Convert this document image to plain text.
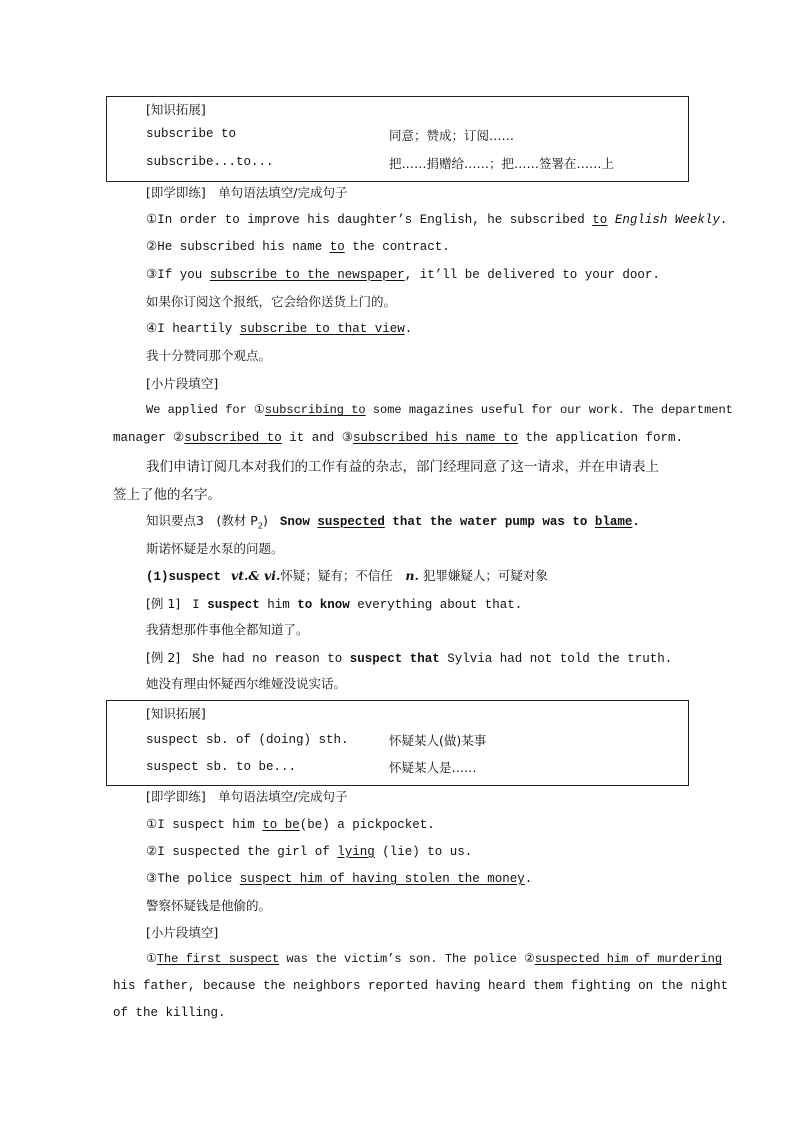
[知识拓展]
subscribe to	同意；赞成；订阅……
subscribe...to...	把……捐赠给……；把……签署在……上
[即学即练]　单句语法填空/完成句子
①In order to improve his daughter’s English, he subscribed to English Weekly.
②He subscribed his name to the contract.
③If you subscribe to the newspaper, it’ll be delivered to your door.
如果你订阅这个报纸，它会给你送货上门的。
④I heartily subscribe to that view.
我十分赞同那个观点。
[小片段填空]
We applied for ①subscribing to some magazines useful for our work. The department
manager ②subscribed to it and ③subscribed his name to the application form.
我们申请订阅几本对我们的工作有益的杂志，部门经理同意了这一请求，并在申请表上
签上了他的名字。
知识要点3　(教材 $P_2$) Snow suspected that the water pump was to blame.
斯诺怀疑是水泵的问题。
(1)suspect vt.& vi.怀疑；疑有；不信任　n. 犯罪嫌疑人；可疑对象
[例 1] I suspect him to know everything about that.
我猜想那件事他全都知道了。
[例 2] She had no reason to suspect that Sylvia had not told the truth.
她没有理由怀疑西尔维娅没说实话。
[知识拓展]
suspect sb. of (doing) sth.	怀疑某人(做)某事
suspect sb. to be...	怀疑某人是……
[即学即练]　单句语法填空/完成句子
①I suspect him to be(be) a pickpocket.
②I suspected the girl of lying (lie) to us.
③The police suspect him of having stolen the money.
警察怀疑钱是他偷的。
[小片段填空]
①The first suspect was the victim’s son. The police ②suspected him of murdering
his father, because the neighbors reported having heard them fighting on the night
of the killing.
